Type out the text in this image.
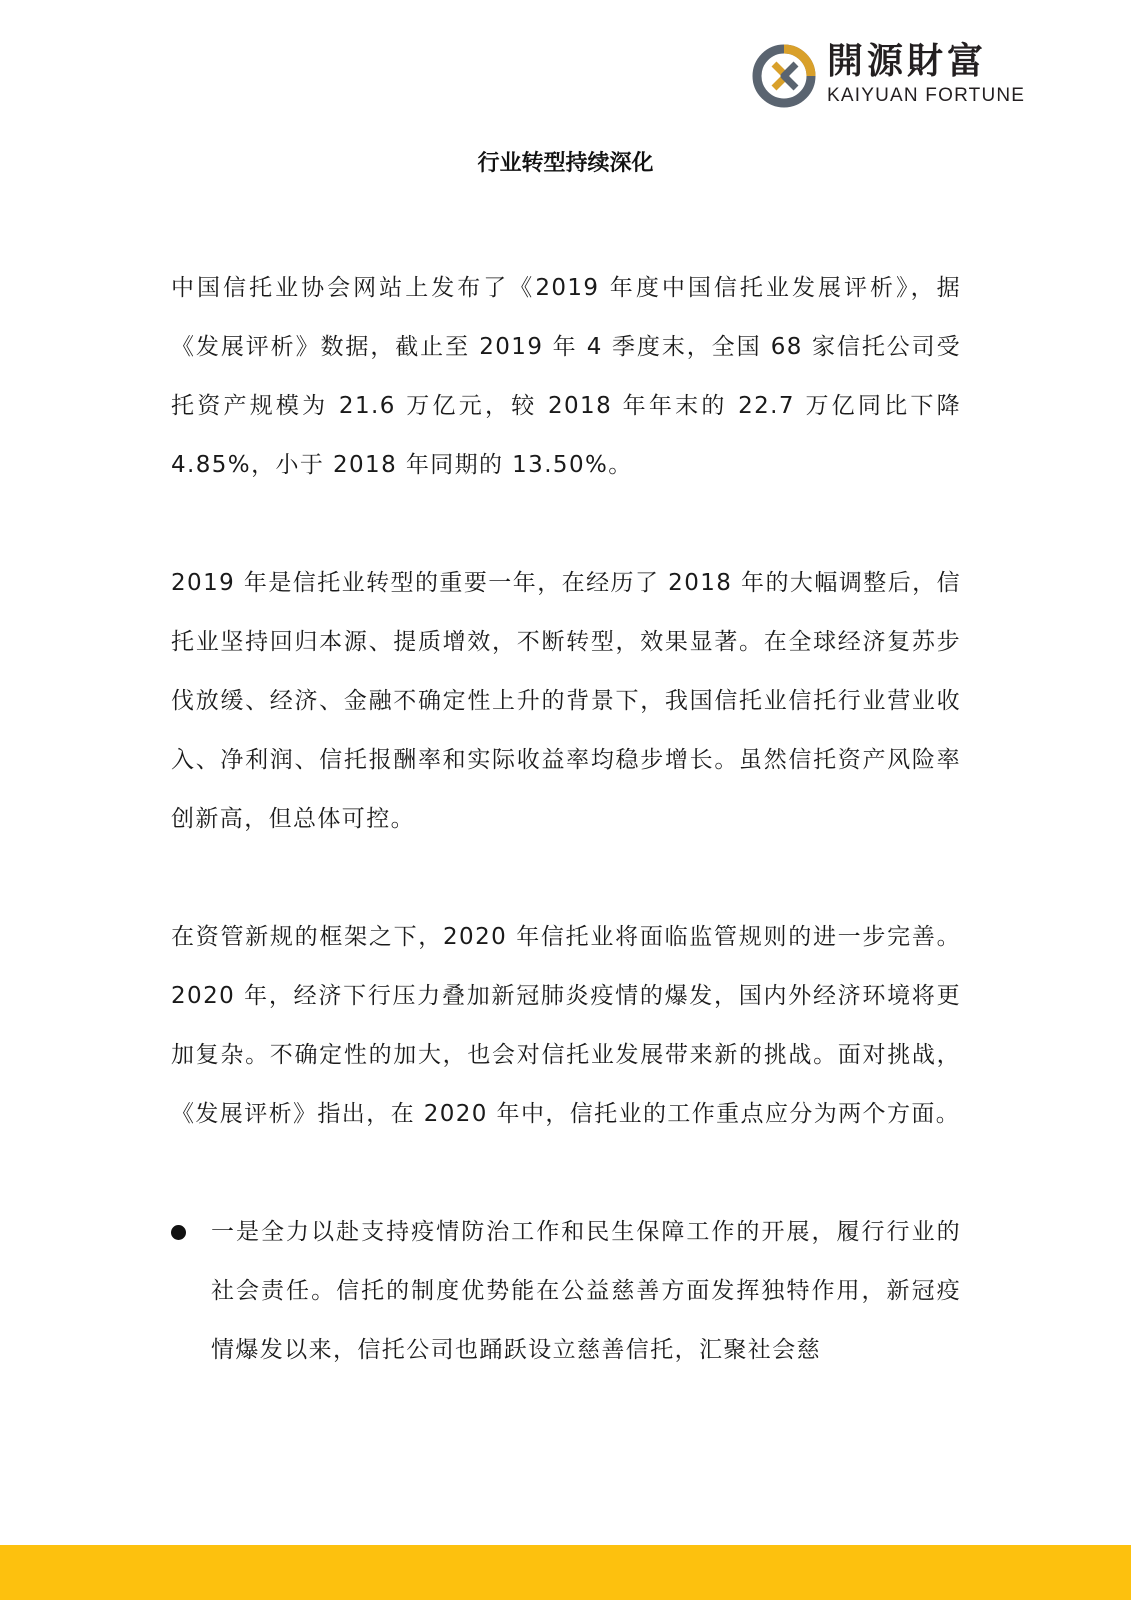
開源財富
KAIYUAN FORTUNE
行业转型持续深化

中国信托业协会网站上发布了《2019 年度中国信托业发展评析》，据《发展评析》数据，截止至 2019 年 4 季度末，全国 68 家信托公司受托资产规模为 21.6 万亿元，较 2018 年年末的 22.7 万亿同比下降 4.85%，小于 2018 年同期的 13.50%。

2019 年是信托业转型的重要一年，在经历了 2018 年的大幅调整后，信托业坚持回归本源、提质增效，不断转型，效果显著。在全球经济复苏步伐放缓、经济、金融不确定性上升的背景下，我国信托业信托行业营业收入、净利润、信托报酬率和实际收益率均稳步增长。虽然信托资产风险率创新高，但总体可控。

在资管新规的框架之下，2020 年信托业将面临监管规则的进一步完善。2020 年，经济下行压力叠加新冠肺炎疫情的爆发，国内外经济环境将更加复杂。不确定性的加大，也会对信托业发展带来新的挑战。面对挑战，《发展评析》指出，在 2020 年中，信托业的工作重点应分为两个方面。

一是全力以赴支持疫情防治工作和民生保障工作的开展，履行行业的社会责任。信托的制度优势能在公益慈善方面发挥独特作用，新冠疫情爆发以来，信托公司也踊跃设立慈善信托，汇聚社会慈
